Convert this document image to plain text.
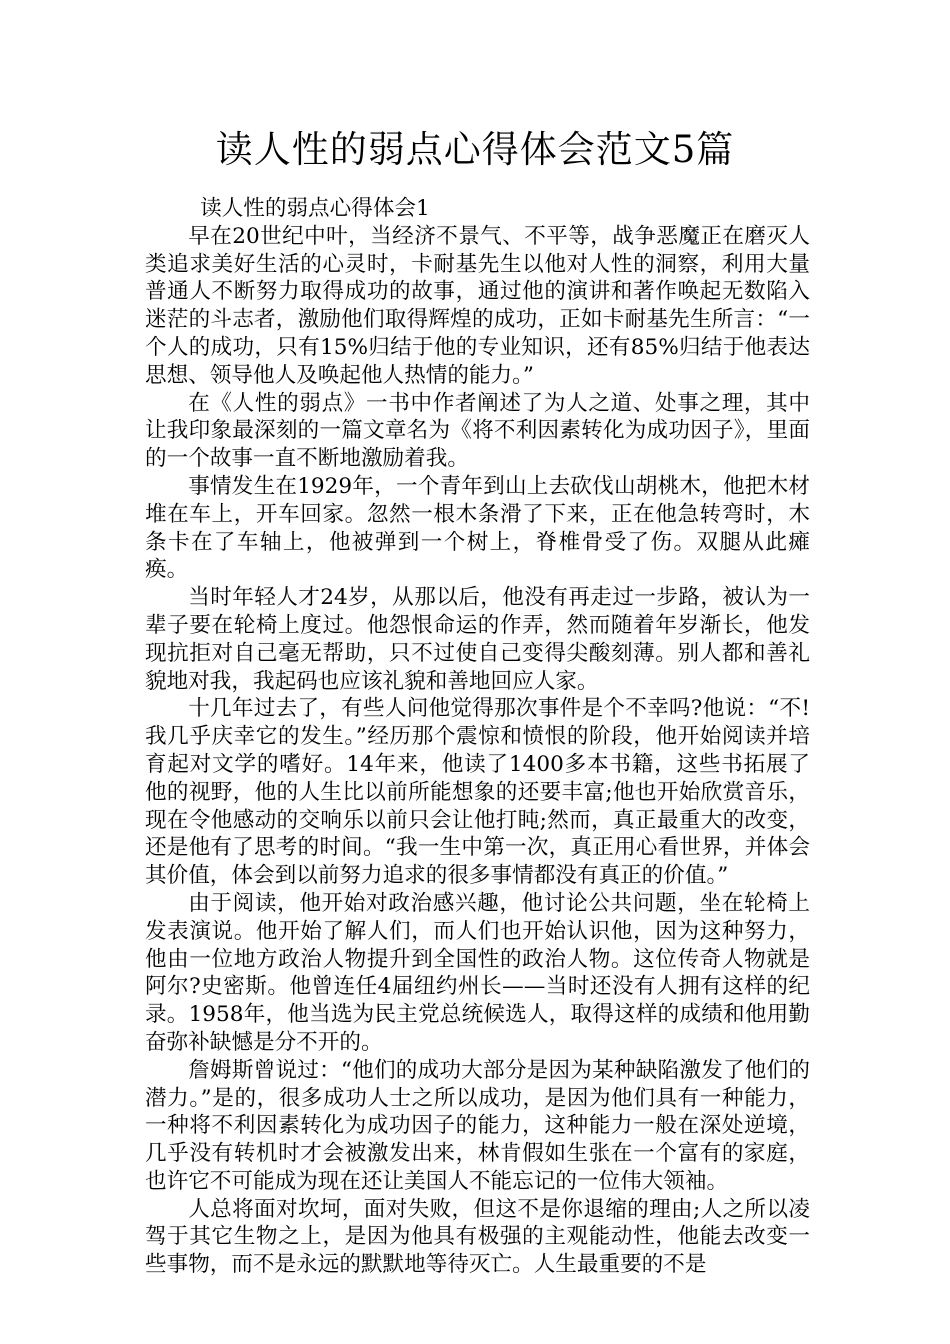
读人性的弱点心得体会范文5篇

读人性的弱点心得体会1

早在20世纪中叶，当经济不景气、不平等，战争恶魔正在磨灭人类追求美好生活的心灵时，卡耐基先生以他对人性的洞察，利用大量普通人不断努力取得成功的故事，通过他的演讲和著作唤起无数陷入迷茫的斗志者，激励他们取得辉煌的成功，正如卡耐基先生所言：“一个人的成功，只有15%归结于他的专业知识，还有85%归结于他表达思想、领导他人及唤起他人热情的能力。”

在《人性的弱点》一书中作者阐述了为人之道、处事之理，其中让我印象最深刻的一篇文章名为《将不利因素转化为成功因子》，里面的一个故事一直不断地激励着我。

事情发生在1929年，一个青年到山上去砍伐山胡桃木，他把木材堆在车上，开车回家。忽然一根木条滑了下来，正在他急转弯时，木条卡在了车轴上，他被弹到一个树上，脊椎骨受了伤。双腿从此瘫痪。

当时年轻人才24岁，从那以后，他没有再走过一步路，被认为一辈子要在轮椅上度过。他怨恨命运的作弄，然而随着年岁渐长，他发现抗拒对自己毫无帮助，只不过使自己变得尖酸刻薄。别人都和善礼貌地对我，我起码也应该礼貌和善地回应人家。

十几年过去了，有些人问他觉得那次事件是个不幸吗?他说：“不!我几乎庆幸它的发生。”经历那个震惊和愤恨的阶段，他开始阅读并培育起对文学的嗜好。14年来，他读了1400多本书籍，这些书拓展了他的视野，他的人生比以前所能想象的还要丰富;他也开始欣赏音乐，现在令他感动的交响乐以前只会让他打盹;然而，真正最重大的改变，还是他有了思考的时间。“我一生中第一次，真正用心看世界，并体会其价值，体会到以前努力追求的很多事情都没有真正的价值。”

由于阅读，他开始对政治感兴趣，他讨论公共问题，坐在轮椅上发表演说。他开始了解人们，而人们也开始认识他，因为这种努力，他由一位地方政治人物提升到全国性的政治人物。这位传奇人物就是阿尔?史密斯。他曾连任4届纽约州长——当时还没有人拥有这样的纪录。1958年，他当选为民主党总统候选人，取得这样的成绩和他用勤奋弥补缺憾是分不开的。

詹姆斯曾说过：“他们的成功大部分是因为某种缺陷激发了他们的潜力。”是的，很多成功人士之所以成功，是因为他们具有一种能力，一种将不利因素转化为成功因子的能力，这种能力一般在深处逆境，几乎没有转机时才会被激发出来，林肯假如生张在一个富有的家庭，也许它不可能成为现在还让美国人不能忘记的一位伟大领袖。

人总将面对坎坷，面对失败，但这不是你退缩的理由;人之所以凌驾于其它生物之上，是因为他具有极强的主观能动性，他能去改变一些事物，而不是永远的默默地等待灭亡。人生最重要的不是
